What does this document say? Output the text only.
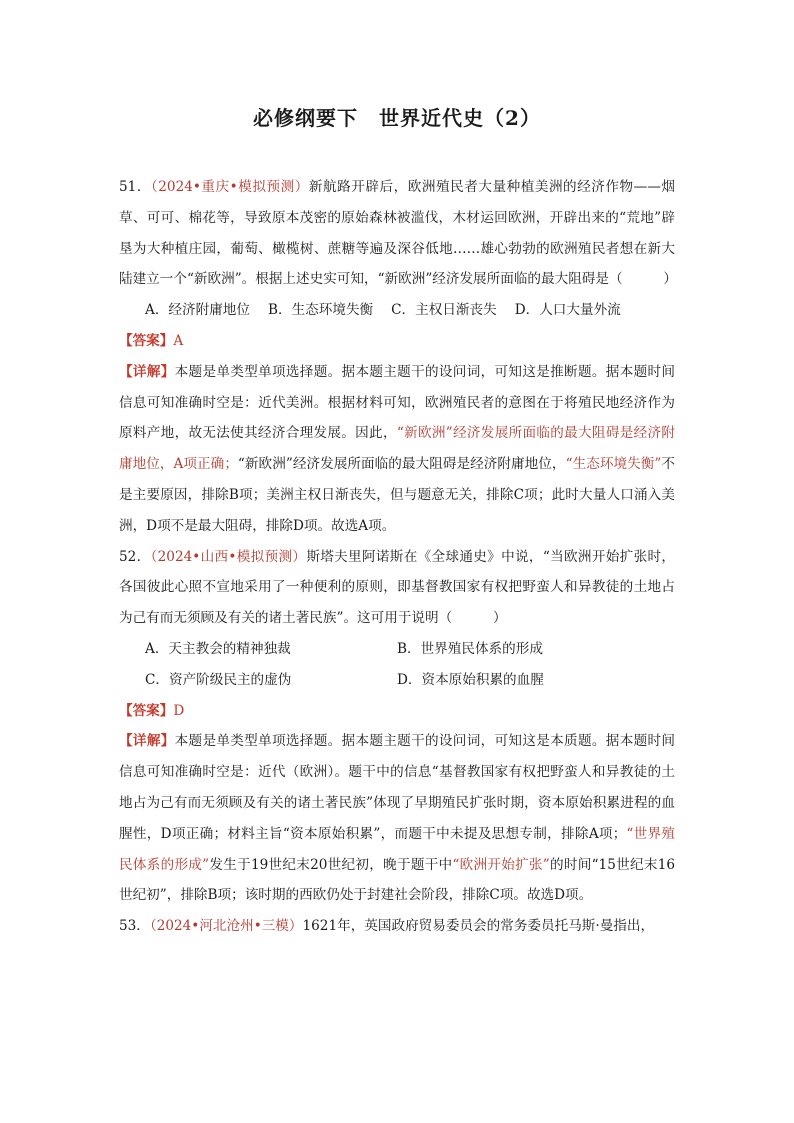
必修纲要下　世界近代史（2）

51．（2024•重庆•模拟预测）新航路开辟后，欧洲殖民者大量种植美洲的经济作物——烟草、可可、棉花等，导致原本茂密的原始森林被滥伐，木材运回欧洲，开辟出来的“荒地”辟垦为大种植庄园，葡萄、橄榄树、蔗糖等遍及深谷低地……雄心勃勃的欧洲殖民者想在新大陆建立一个“新欧洲”。根据上述史实可知，“新欧洲”经济发展所面临的最大阻碍是（　　　）

A．经济附庸地位 B．生态环境失衡 C．主权日渐丧失 D．人口大量外流

【答案】A

【详解】本题是单类型单项选择题。据本题主题干的设问词，可知这是推断题。据本题时间信息可知准确时空是：近代美洲。根据材料可知，欧洲殖民者的意图在于将殖民地经济作为原料产地，故无法使其经济合理发展。因此，“新欧洲”经济发展所面临的最大阻碍是经济附庸地位，A项正确；“新欧洲”经济发展所面临的最大阻碍是经济附庸地位，“生态环境失衡”不是主要原因，排除B项；美洲主权日渐丧失，但与题意无关，排除C项；此时大量人口涌入美洲，D项不是最大阻碍，排除D项。故选A项。

52．（2024•山西•模拟预测）斯塔夫里阿诺斯在《全球通史》中说，“当欧洲开始扩张时，各国彼此心照不宣地采用了一种便利的原则，即基督教国家有权把野蛮人和异教徒的土地占为己有而无须顾及有关的诸土著民族”。这可用于说明（　　　）

A．天主教会的精神独裁	B．世界殖民体系的形成
C．资产阶级民主的虚伪	D．资本原始积累的血腥

【答案】D

【详解】本题是单类型单项选择题。据本题主题干的设问词，可知这是本质题。据本题时间信息可知准确时空是：近代（欧洲）。题干中的信息“基督教国家有权把野蛮人和异教徒的土地占为己有而无须顾及有关的诸土著民族”体现了早期殖民扩张时期，资本原始积累进程的血腥性，D项正确；材料主旨“资本原始积累”，而题干中未提及思想专制，排除A项；“世界殖民体系的形成”发生于19世纪末20世纪初，晚于题干中“欧洲开始扩张”的时间“15世纪末16世纪初”，排除B项；该时期的西欧仍处于封建社会阶段，排除C项。故选D项。

53．（2024•河北沧州•三模）1621年，英国政府贸易委员会的常务委员托马斯·曼指出，
